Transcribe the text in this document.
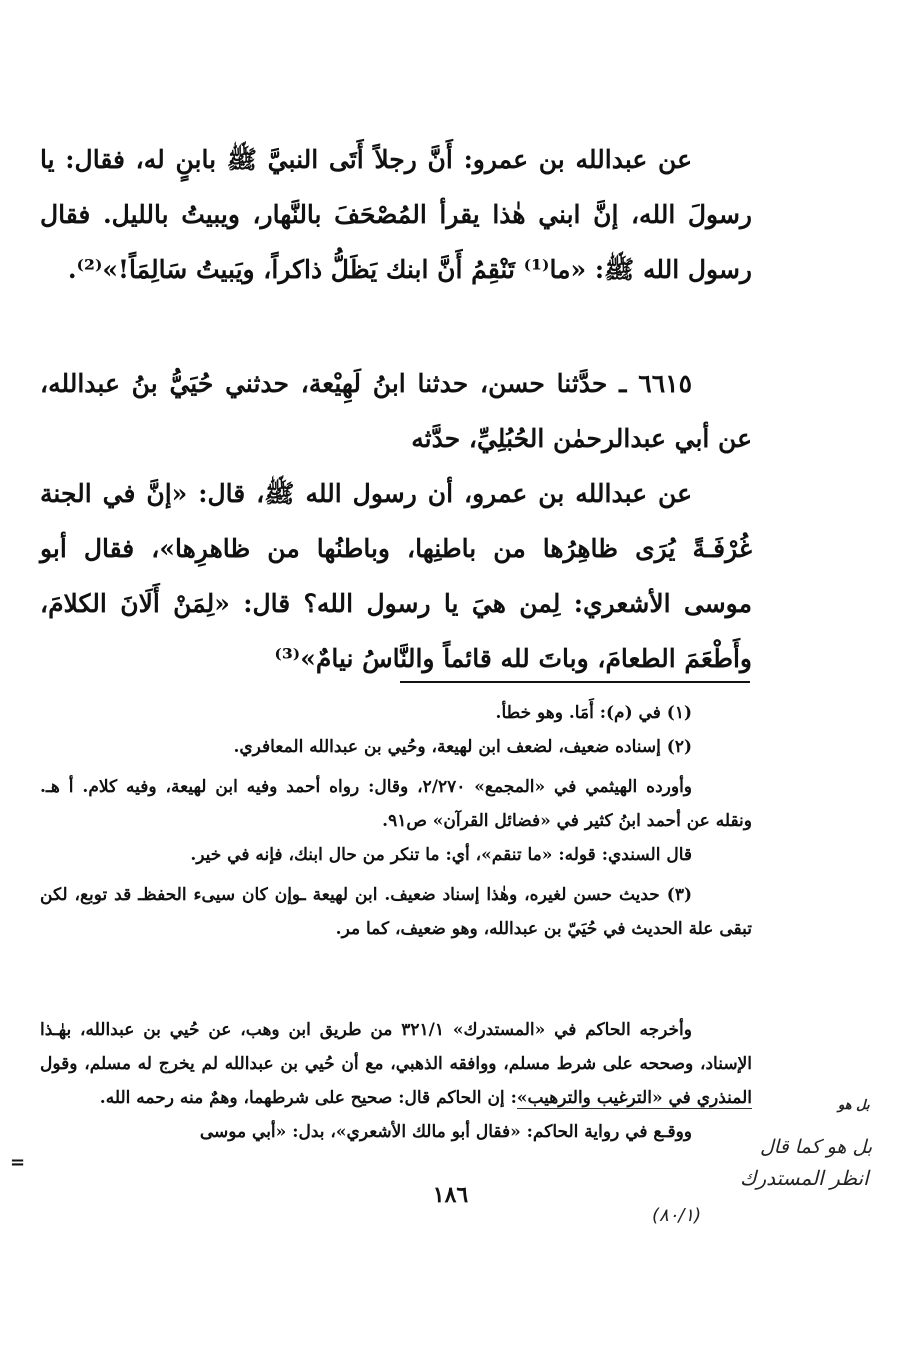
عن عبدالله بن عمرو: أَنَّ رجلاً أَتَى النبيَّ ﷺ بابنٍ له، فقال: يا رسولَ الله، إنَّ ابني هٰذا يقرأ المُصْحَفَ بالنَّهار، ويبيتُ بالليل. فقال رسول الله ﷺ: «ما⁽¹⁾ تَنْقِمُ أَنَّ ابنك يَظَلُّ ذاكراً، ويَبيتُ سَالِمَاً!»⁽²⁾.

٦٦١٥ ـ حدَّثنا حسن، حدثنا ابنُ لَهِيْعة، حدثني حُيَيُّ بنُ عبدالله، عن أبي عبدالرحمٰن الحُبُلِيِّ، حدَّثه

عن عبدالله بن عمرو، أن رسول الله ﷺ، قال: «إنَّ في الجنة غُرْفَـةً يُرَى ظاهِرُها من باطنِها، وباطنُها من ظاهرِها»، فقال أبو موسى الأشعري: لِمن هيَ يا رسول الله؟ قال: «لِمَنْ أَلَانَ الكلامَ، وأَطْعَمَ الطعامَ، وباتَ لله قائماً والنَّاسُ نيامٌ»⁽³⁾

(١) في (م): أَمَا. وهو خطأ.

(٢) إسناده ضعيف، لضعف ابن لهيعة، وحُيي بن عبدالله المعافري.

وأورده الهيثمي في «المجمع» ٢/٢٧٠، وقال: رواه أحمد وفيه ابن لهيعة، وفيه كلام. أ هـ. ونقله عن أحمد ابنُ كثير في «فضائل القرآن» ص٩١.

قال السندي: قوله: «ما تنقم»، أي: ما تنكر من حال ابنك، فإنه في خير.

(٣) حديث حسن لغيره، وهٰذا إسناد ضعيف. ابن لهيعة ـوإن كان سيىء الحفظـ قد توبع، لكن تبقى علة الحديث في حُيَيّ بن عبدالله، وهو ضعيف، كما مر.

وأخرجه الحاكم في «المستدرك» ٣٢١/١ من طريق ابن وهب، عن حُيي بن عبدالله، بهٰـذا الإسناد، وصححه على شرط مسلم، ووافقه الذهبي، مع أن حُيي بن عبدالله لم يخرج له مسلم، وقول المنذري في «الترغيب والترهيب»: إن الحاكم قال: صحيح على شرطهما، وهمٌ منه رحمه الله.

ووقـع في رواية الحاكم: «فقال أبو مالك الأشعري»، بدل: «أبي موسى

=
١٨٦
بل هو
بل هو كما قال
انظر المستدرك
(٨٠/١)
